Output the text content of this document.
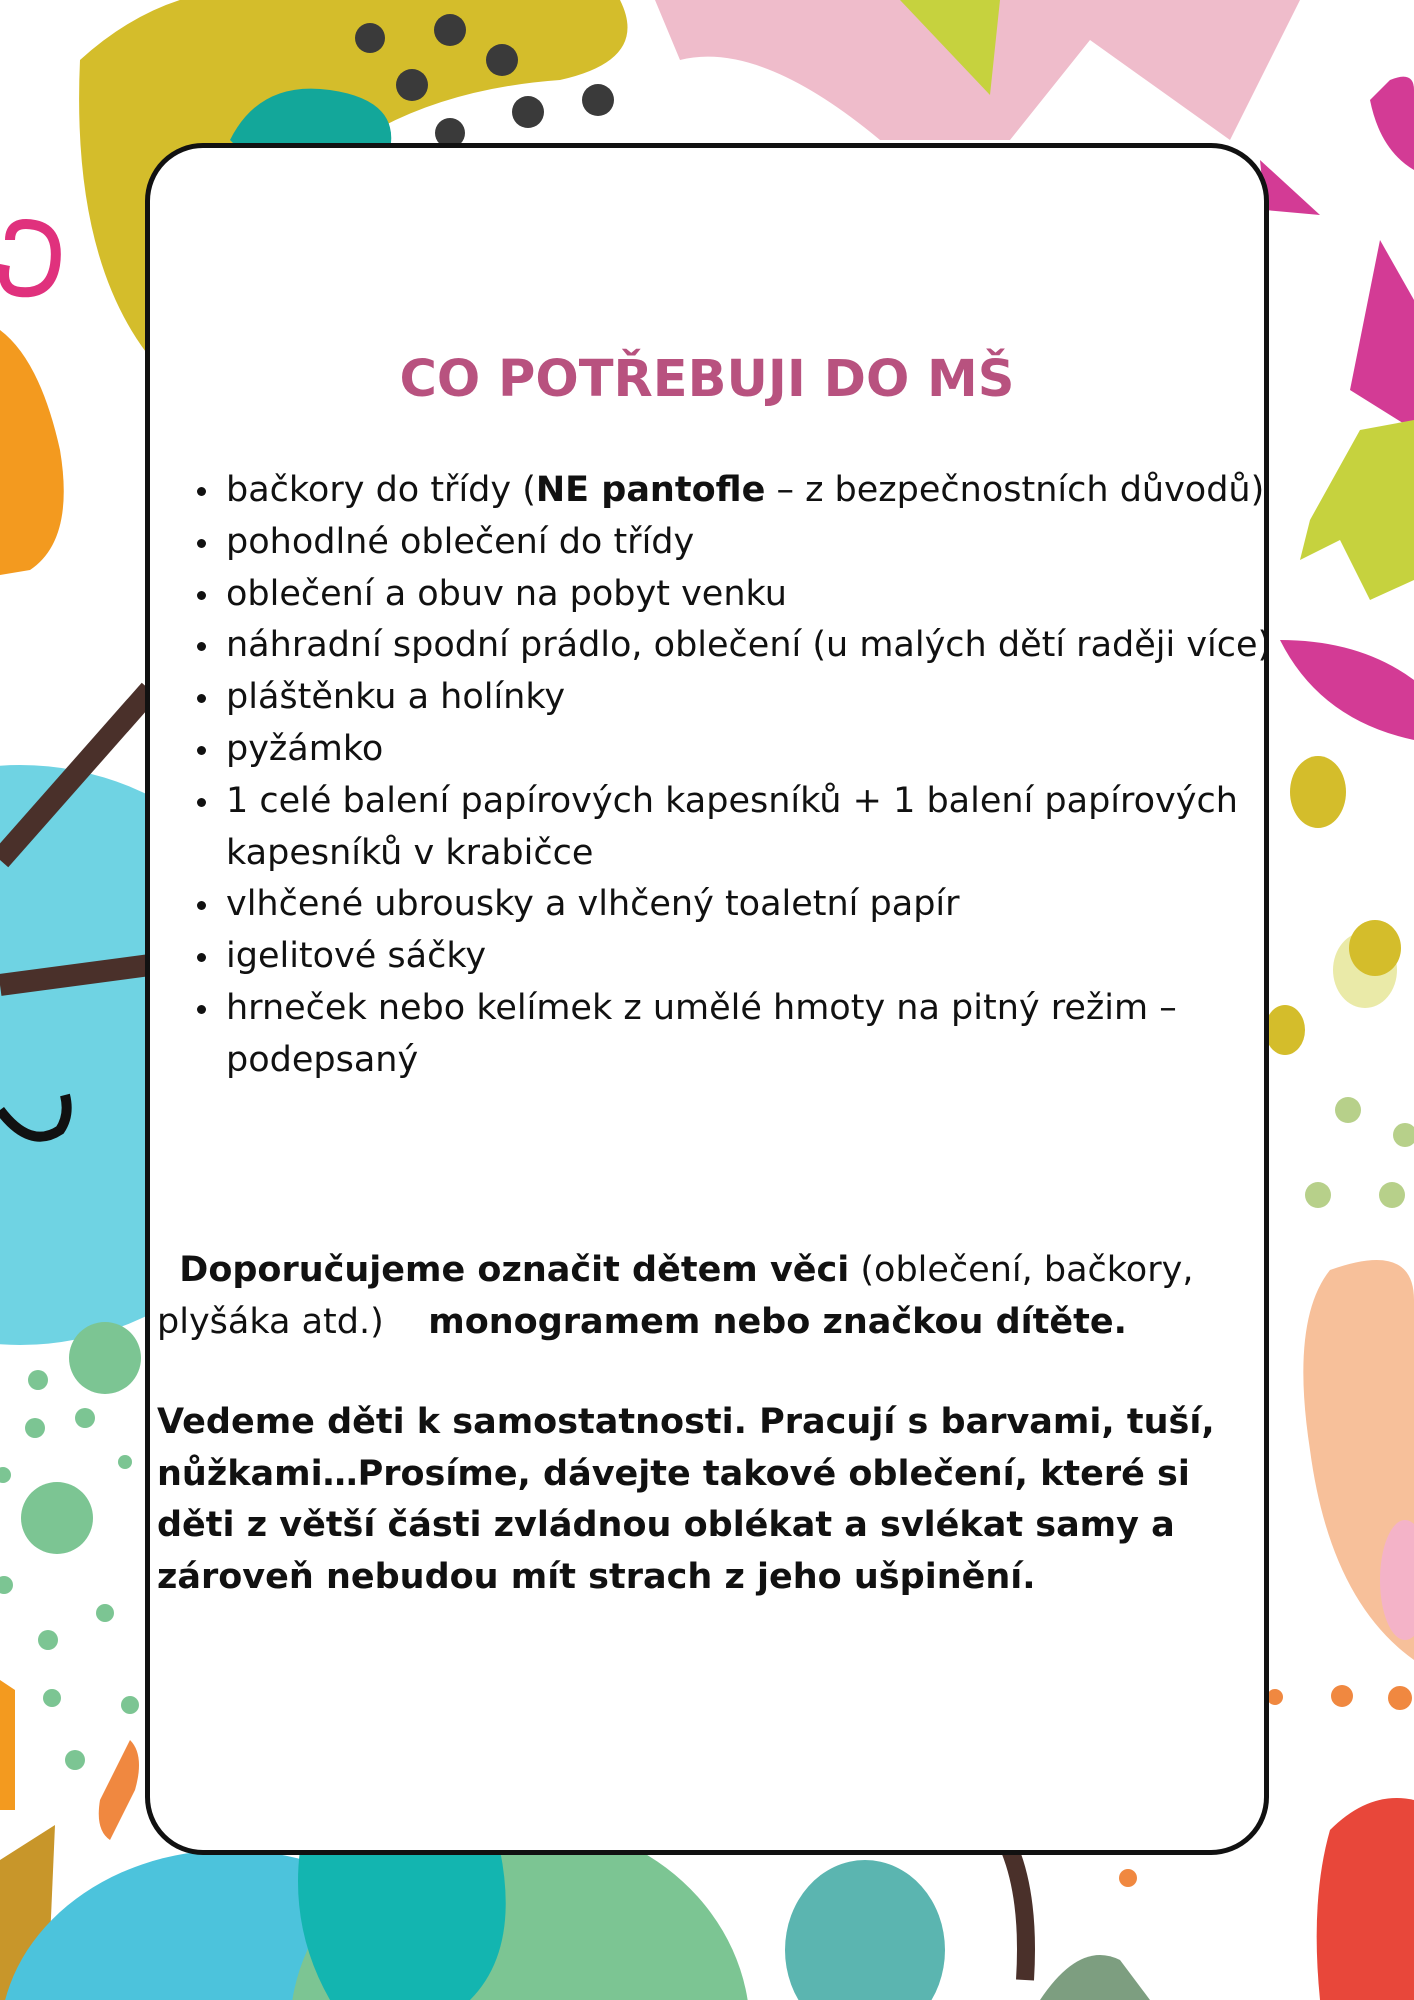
CO POTŘEBUJI DO MŠ
• bačkory do třídy (NE pantofle – z bezpečnostních důvodů)
• pohodlné oblečení do třídy
• oblečení a obuv na pobyt venku
• náhradní spodní prádlo, oblečení (u malých dětí raději více)
• pláštěnku a holínky
• pyžámko
• 1 celé balení papírových kapesníků + 1 balení papírových kapesníků v krabičce
• vlhčené ubrousky a vlhčený toaletní papír
• igelitové sáčky
• hrneček nebo kelímek z umělé hmoty na pitný režim – podepsaný
Doporučujeme označit dětem věci (oblečení, bačkory, plyšáka atd.) monogramem nebo značkou dítěte.
Vedeme děti k samostatnosti. Pracují s barvami, tuší, nůžkami…Prosíme, dávejte takové oblečení, které si děti z větší části zvládnou oblékat a svlékat samy a zároveň nebudou mít strach z jeho ušpinění.
